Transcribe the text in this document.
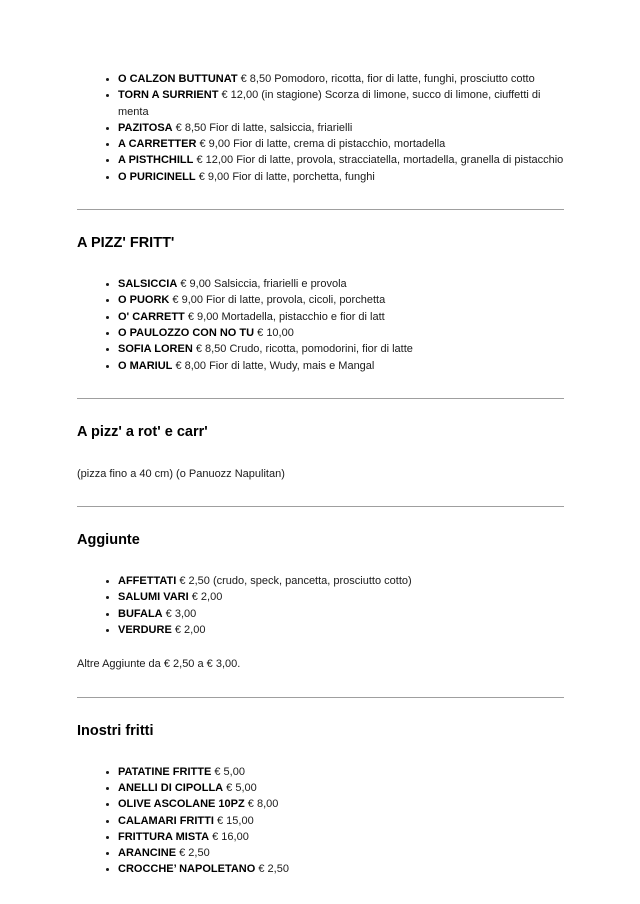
• O CALZON BUTTUNAT € 8,50 Pomodoro, ricotta, fior di latte, funghi, prosciutto cotto
• TORN A SURRIENT € 12,00 (in stagione) Scorza di limone, succo di limone, ciuffetti di menta
• PAZITOSA € 8,50 Fior di latte, salsiccia, friarielli
• A CARRETTER € 9,00 Fior di latte, crema di pistacchio, mortadella
• A PISTHCHILL € 12,00 Fior di latte, provola, stracciatella, mortadella, granella di pistacchio
• O PURICINELL € 9,00 Fior di latte, porchetta, funghi
A PIZZ' FRITT'
• SALSICCIA € 9,00 Salsiccia, friarielli e provola
• O PUORK € 9,00 Fior di latte, provola, cicoli, porchetta
• O' CARRETT € 9,00 Mortadella, pistacchio e fior di latt
• O PAULOZZO CON NO TU € 10,00
• SOFIA LOREN € 8,50 Crudo, ricotta, pomodorini, fior di latte
• O MARIUL € 8,00 Fior di latte, Wudy, mais e Mangal
A pizz' a rot' e carr'

(pizza fino a 40 cm) (o Panuozz Napulitan)

Aggiunte
• AFFETTATI € 2,50 (crudo, speck, pancetta, prosciutto cotto)
• SALUMI VARI € 2,00
• BUFALA € 3,00
• VERDURE € 2,00

Altre Aggiunte da € 2,50 a € 3,00.

Inostri fritti
• PATATINE FRITTE € 5,00
• ANELLI DI CIPOLLA € 5,00
• OLIVE ASCOLANE 10PZ € 8,00
• CALAMARI FRITTI € 15,00
• FRITTURA MISTA € 16,00
• ARANCINE € 2,50
• CROCCHE’ NAPOLETANO € 2,50
